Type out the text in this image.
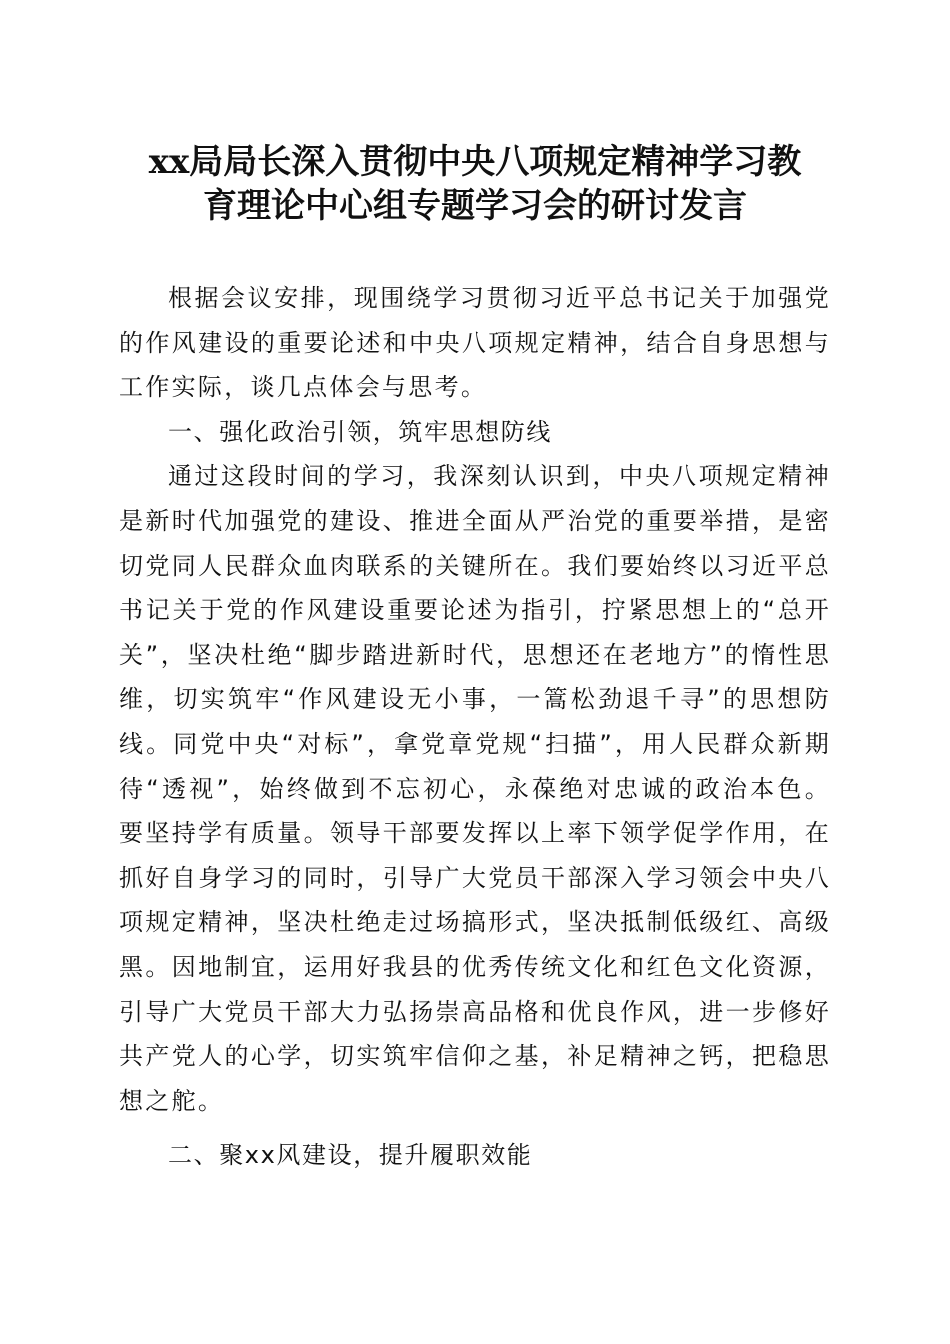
xx局局长深入贯彻中央八项规定精神学习教
育理论中心组专题学习会的研讨发言

根据会议安排，现围绕学习贯彻习近平总书记关于加强党的作风建设的重要论述和中央八项规定精神，结合自身思想与工作实际，谈几点体会与思考。

一、强化政治引领，筑牢思想防线

通过这段时间的学习，我深刻认识到，中央八项规定精神是新时代加强党的建设、推进全面从严治党的重要举措，是密切党同人民群众血肉联系的关键所在。我们要始终以习近平总书记关于党的作风建设重要论述为指引，拧紧思想上的“总开关”，坚决杜绝“脚步踏进新时代，思想还在老地方”的惰性思维，切实筑牢“作风建设无小事，一篙松劲退千寻”的思想防线。同党中央“对标”，拿党章党规“扫描”，用人民群众新期待“透视”，始终做到不忘初心，永葆绝对忠诚的政治本色。要坚持学有质量。领导干部要发挥以上率下领学促学作用，在抓好自身学习的同时，引导广大党员干部深入学习领会中央八项规定精神，坚决杜绝走过场搞形式，坚决抵制低级红、高级黑。因地制宜，运用好我县的优秀传统文化和红色文化资源，引导广大党员干部大力弘扬崇高品格和优良作风，进一步修好共产党人的心学，切实筑牢信仰之基，补足精神之钙，把稳思想之舵。

二、聚xx风建设，提升履职效能
